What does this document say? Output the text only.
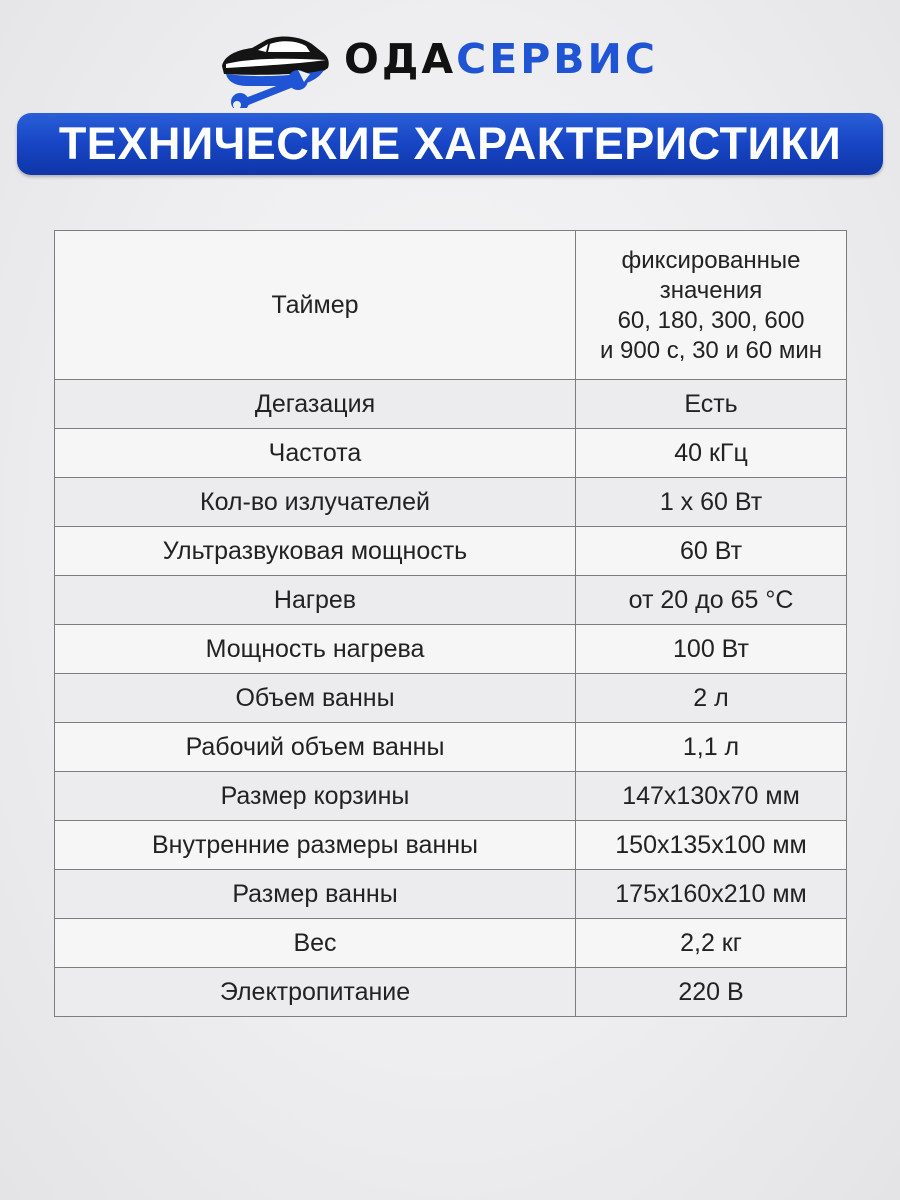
ОДАСЕРВИС
ТЕХНИЧЕСКИЕ ХАРАКТЕРИСТИКИ
Таймер	фиксированные
значения
60, 180, 300, 600
и 900 с, 30 и 60 мин
Дегазация	Есть
Частота	40 кГц
Кол-во излучателей	1 x 60 Вт
Ультразвуковая мощность	60 Вт
Нагрев	от 20 до 65 °С
Мощность нагрева	100 Вт
Объем ванны	2 л
Рабочий объем ванны	1,1 л
Размер корзины	147x130x70 мм
Внутренние размеры ванны	150x135x100 мм
Размер ванны	175x160x210 мм
Вес	2,2 кг
Электропитание	220 В
